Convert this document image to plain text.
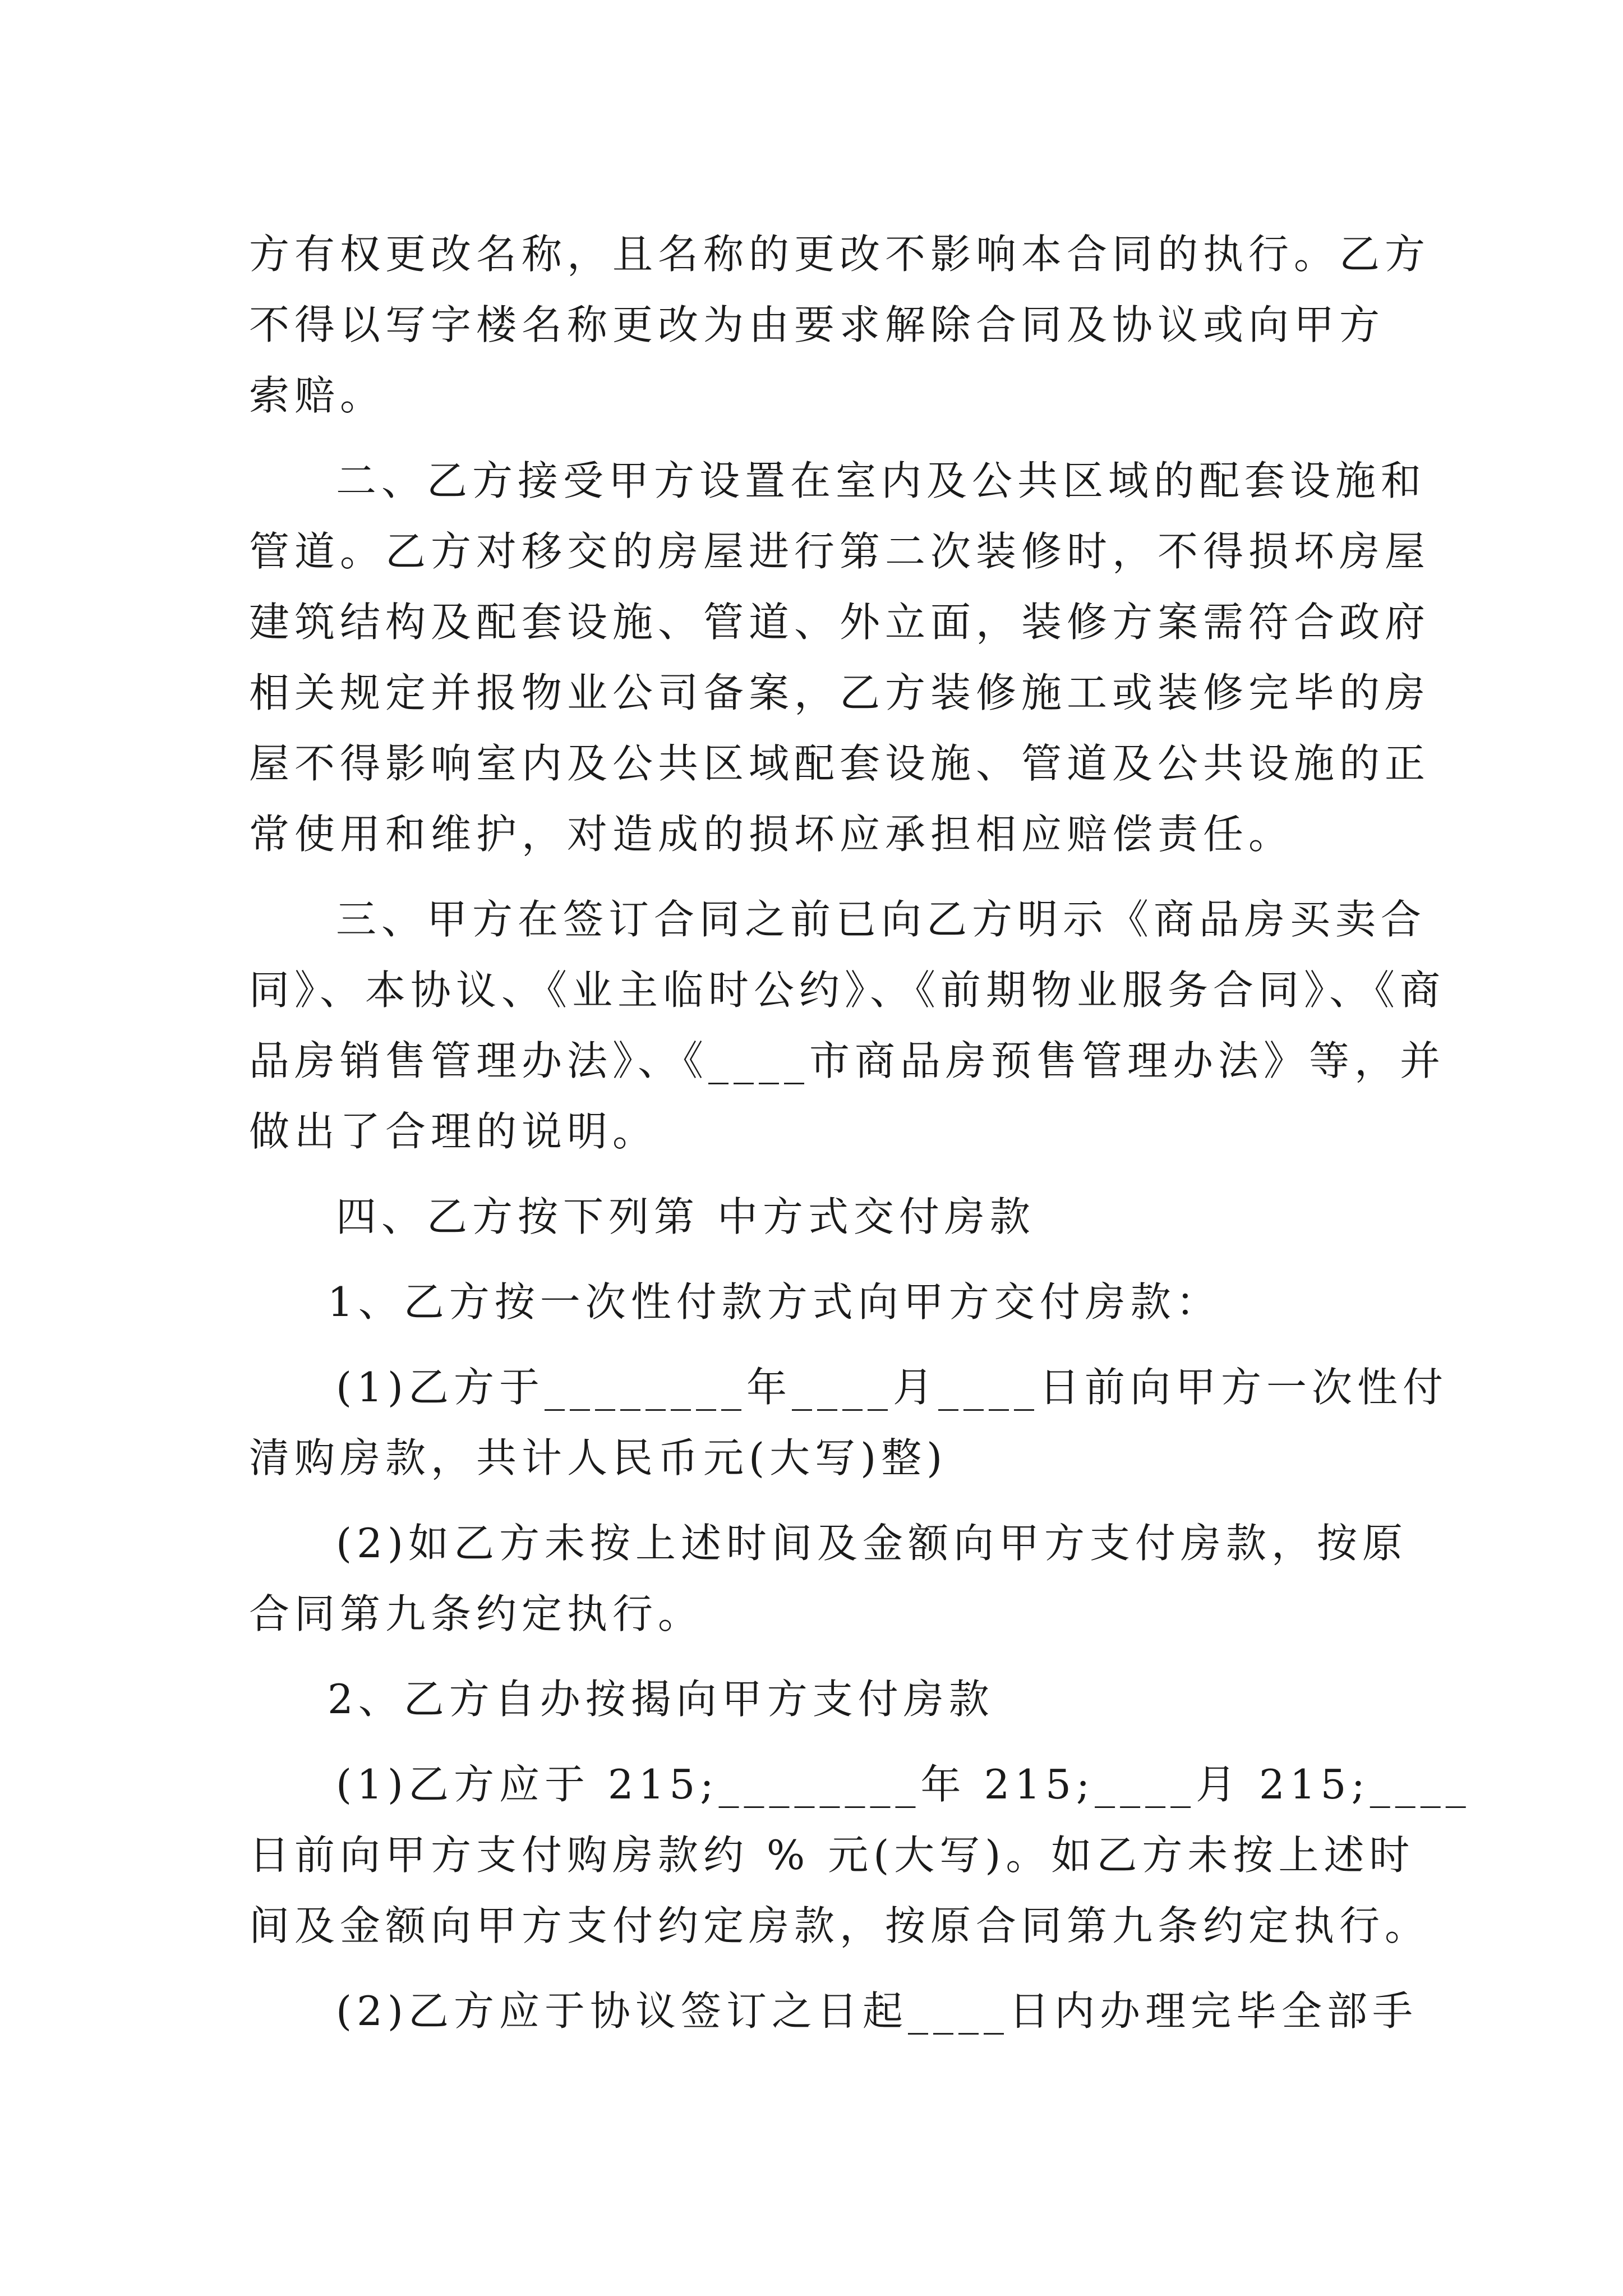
方有权更改名称，且名称的更改不影响本合同的执行。乙方
不得以写字楼名称更改为由要求解除合同及协议或向甲方
索赔。
二、乙方接受甲方设置在室内及公共区域的配套设施和
管道。乙方对移交的房屋进行第二次装修时，不得损坏房屋
建筑结构及配套设施、管道、外立面，装修方案需符合政府
相关规定并报物业公司备案，乙方装修施工或装修完毕的房
屋不得影响室内及公共区域配套设施、管道及公共设施的正
常使用和维护，对造成的损坏应承担相应赔偿责任。
三、甲方在签订合同之前已向乙方明示《商品房买卖合
同》、本协议、《业主临时公约》、《前期物业服务合同》、《商
品房销售管理办法》、《____市商品房预售管理办法》等，并
做出了合理的说明。
四、乙方按下列第 中方式交付房款
1、乙方按一次性付款方式向甲方交付房款：
(1)乙方于________年____月____日前向甲方一次性付
清购房款，共计人民币元(大写)整)
(2)如乙方未按上述时间及金额向甲方支付房款，按原
合同第九条约定执行。
2、乙方自办按揭向甲方支付房款
(1)乙方应于 215;________年 215;____月 215;____
日前向甲方支付购房款约 % 元(大写)。如乙方未按上述时
间及金额向甲方支付约定房款，按原合同第九条约定执行。
(2)乙方应于协议签订之日起____日内办理完毕全部手
